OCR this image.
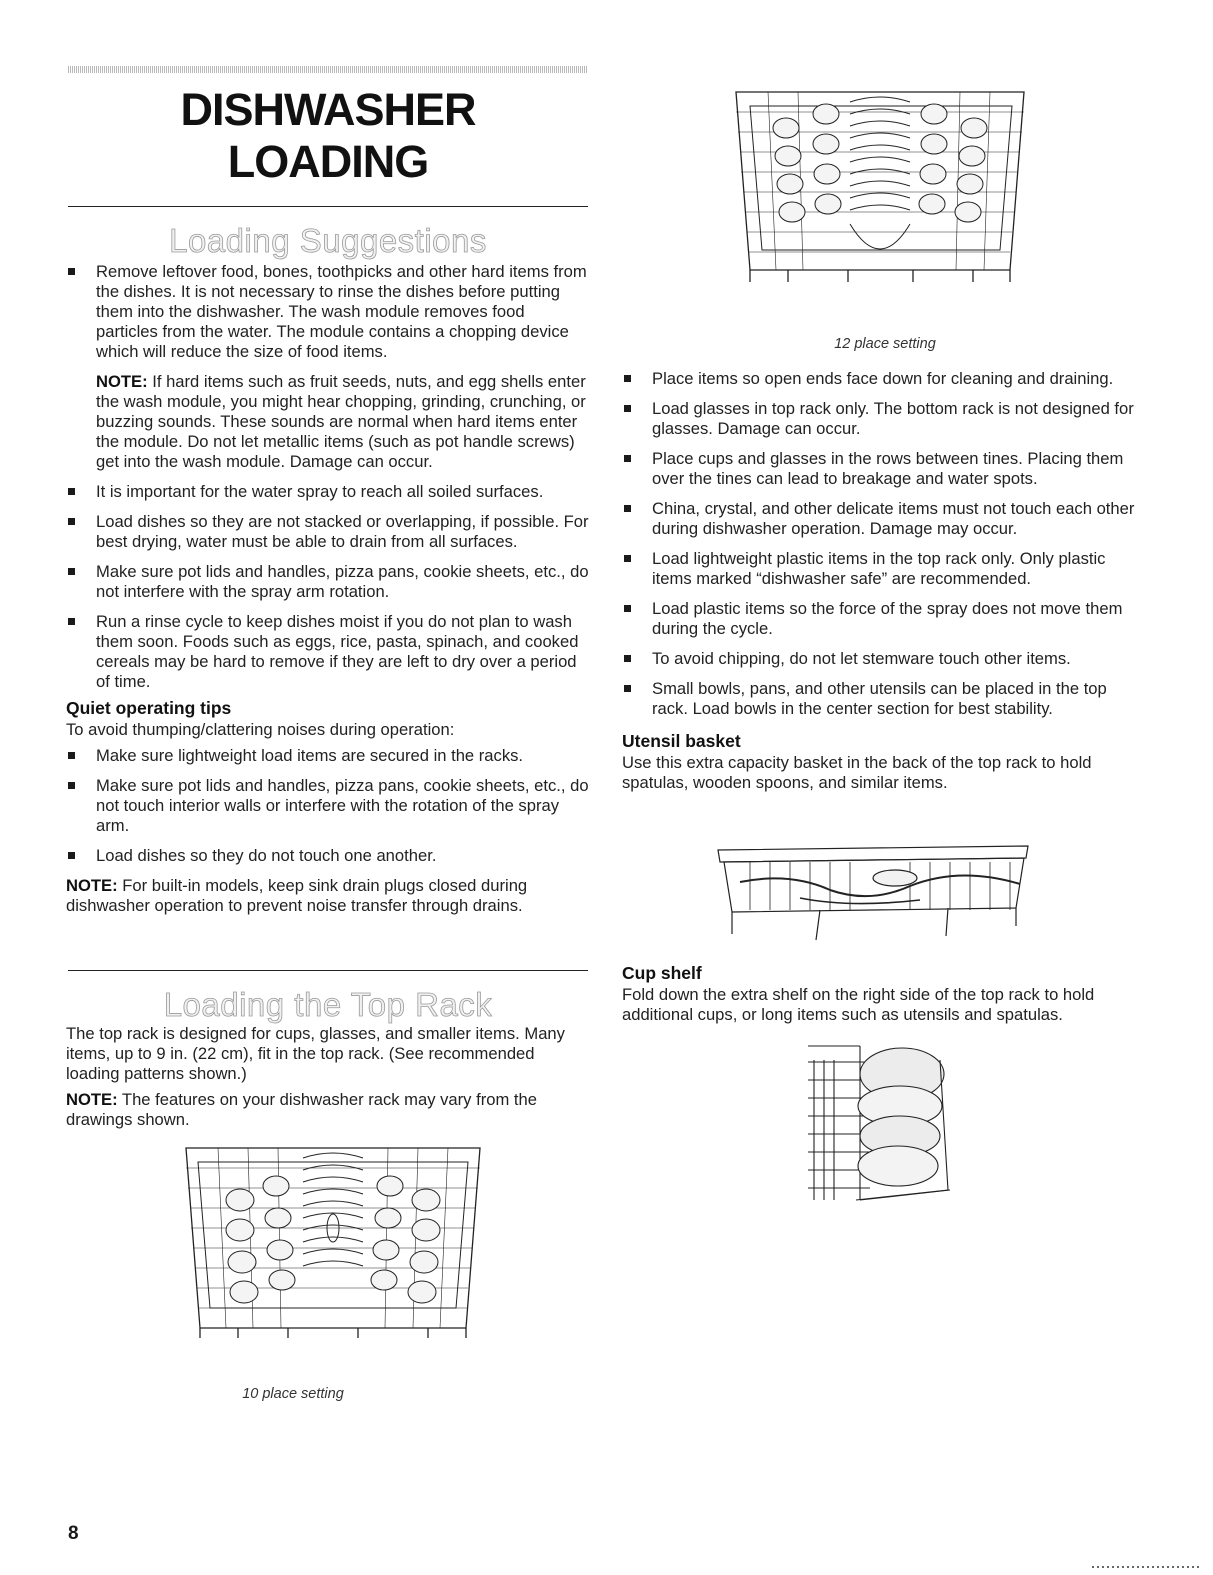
DISHWASHER
LOADING
Loading Suggestions
Remove leftover food, bones, toothpicks and other hard items from the dishes. It is not necessary to rinse the dishes before putting them into the dishwasher. The wash module removes food particles from the water. The module contains a chopping device which will reduce the size of food items.
NOTE: If hard items such as fruit seeds, nuts, and egg shells enter the wash module, you might hear chopping, grinding, crunching, or buzzing sounds. These sounds are normal when hard items enter the module. Do not let metallic items (such as pot handle screws) get into the wash module. Damage can occur.
It is important for the water spray to reach all soiled surfaces.
Load dishes so they are not stacked or overlapping, if possible. For best drying, water must be able to drain from all surfaces.
Make sure pot lids and handles, pizza pans, cookie sheets, etc., do not interfere with the spray arm rotation.
Run a rinse cycle to keep dishes moist if you do not plan to wash them soon. Foods such as eggs, rice, pasta, spinach, and cooked cereals may be hard to remove if they are left to dry over a period of time.
Quiet operating tips
To avoid thumping/clattering noises during operation:
Make sure lightweight load items are secured in the racks.
Make sure pot lids and handles, pizza pans, cookie sheets, etc., do not touch interior walls or interfere with the rotation of the spray arm.
Load dishes so they do not touch one another.
NOTE: For built-in models, keep sink drain plugs closed during dishwasher operation to prevent noise transfer through drains.
Loading the Top Rack
The top rack is designed for cups, glasses, and smaller items. Many items, up to 9 in. (22 cm), fit in the top rack. (See recommended loading patterns shown.)
NOTE: The features on your dishwasher rack may vary from the drawings shown.
10 place setting
12 place setting
Place items so open ends face down for cleaning and draining.
Load glasses in top rack only. The bottom rack is not designed for glasses. Damage can occur.
Place cups and glasses in the rows between tines. Placing them over the tines can lead to breakage and water spots.
China, crystal, and other delicate items must not touch each other during dishwasher operation. Damage may occur.
Load lightweight plastic items in the top rack only. Only plastic items marked “dishwasher safe” are recommended.
Load plastic items so the force of the spray does not move them during the cycle.
To avoid chipping, do not let stemware touch other items.
Small bowls, pans, and other utensils can be placed in the top rack. Load bowls in the center section for best stability.
Utensil basket
Use this extra capacity basket in the back of the top rack to hold spatulas, wooden spoons, and similar items.
Cup shelf
Fold down the extra shelf on the right side of the top rack to hold additional cups, or long items such as utensils and spatulas.
8
